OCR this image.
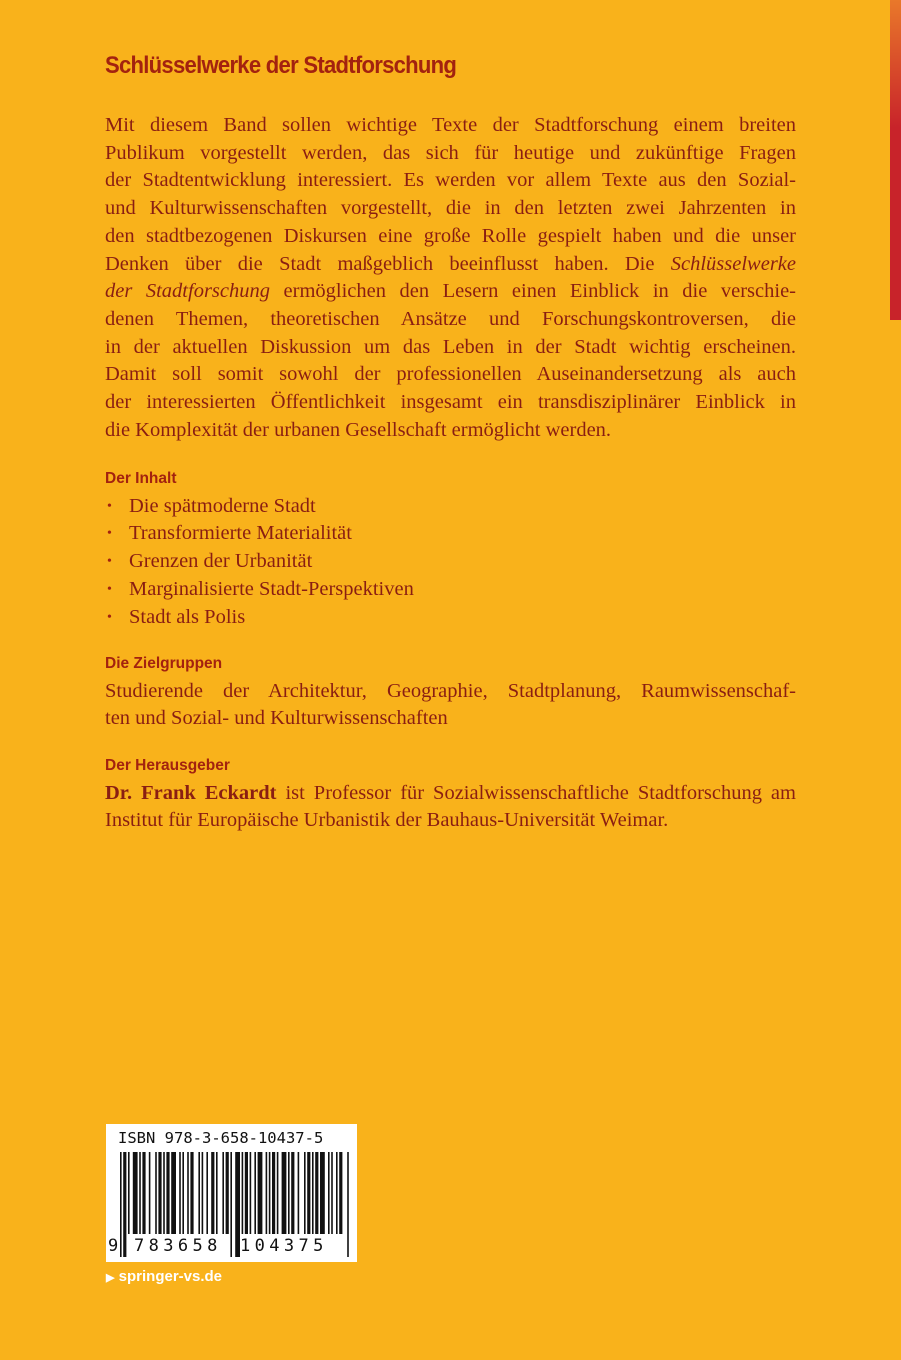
Schlüsselwerke der Stadtforschung
Mit diesem Band sollen wichtige Texte der Stadtforschung einem breiten
Publikum vorgestellt werden, das sich für heutige und zukünftige Fragen
der Stadtentwicklung interessiert. Es werden vor allem Texte aus den Sozial-
und Kulturwissenschaften vorgestellt, die in den letzten zwei Jahrzenten in
den stadtbezogenen Diskursen eine große Rolle gespielt haben und die unser
Denken über die Stadt maßgeblich beeinflusst haben. Die Schlüsselwerke
der Stadtforschung ermöglichen den Lesern einen Einblick in die verschie-
denen Themen, theoretischen Ansätze und Forschungskontroversen, die
in der aktuellen Diskussion um das Leben in der Stadt wichtig erscheinen.
Damit soll somit sowohl der professionellen Auseinandersetzung als auch
der interessierten Öffentlichkeit insgesamt ein transdisziplinärer Einblick in
die Komplexität der urbanen Gesellschaft ermöglicht werden.
Der Inhalt
• Die spätmoderne Stadt
• Transformierte Materialität
• Grenzen der Urbanität
• Marginalisierte Stadt-Perspektiven
• Stadt als Polis
Die Zielgruppen
Studierende der Architektur, Geographie, Stadtplanung, Raumwissenschaf-
ten und Sozial- und Kulturwissenschaften
Der Herausgeber
Dr. Frank Eckardt ist Professor für Sozialwissenschaftliche Stadtforschung am
Institut für Europäische Urbanistik der Bauhaus-Universität Weimar.
ISBN 978-3-658-10437-5
9 783658 104375
▶ springer-vs.de
